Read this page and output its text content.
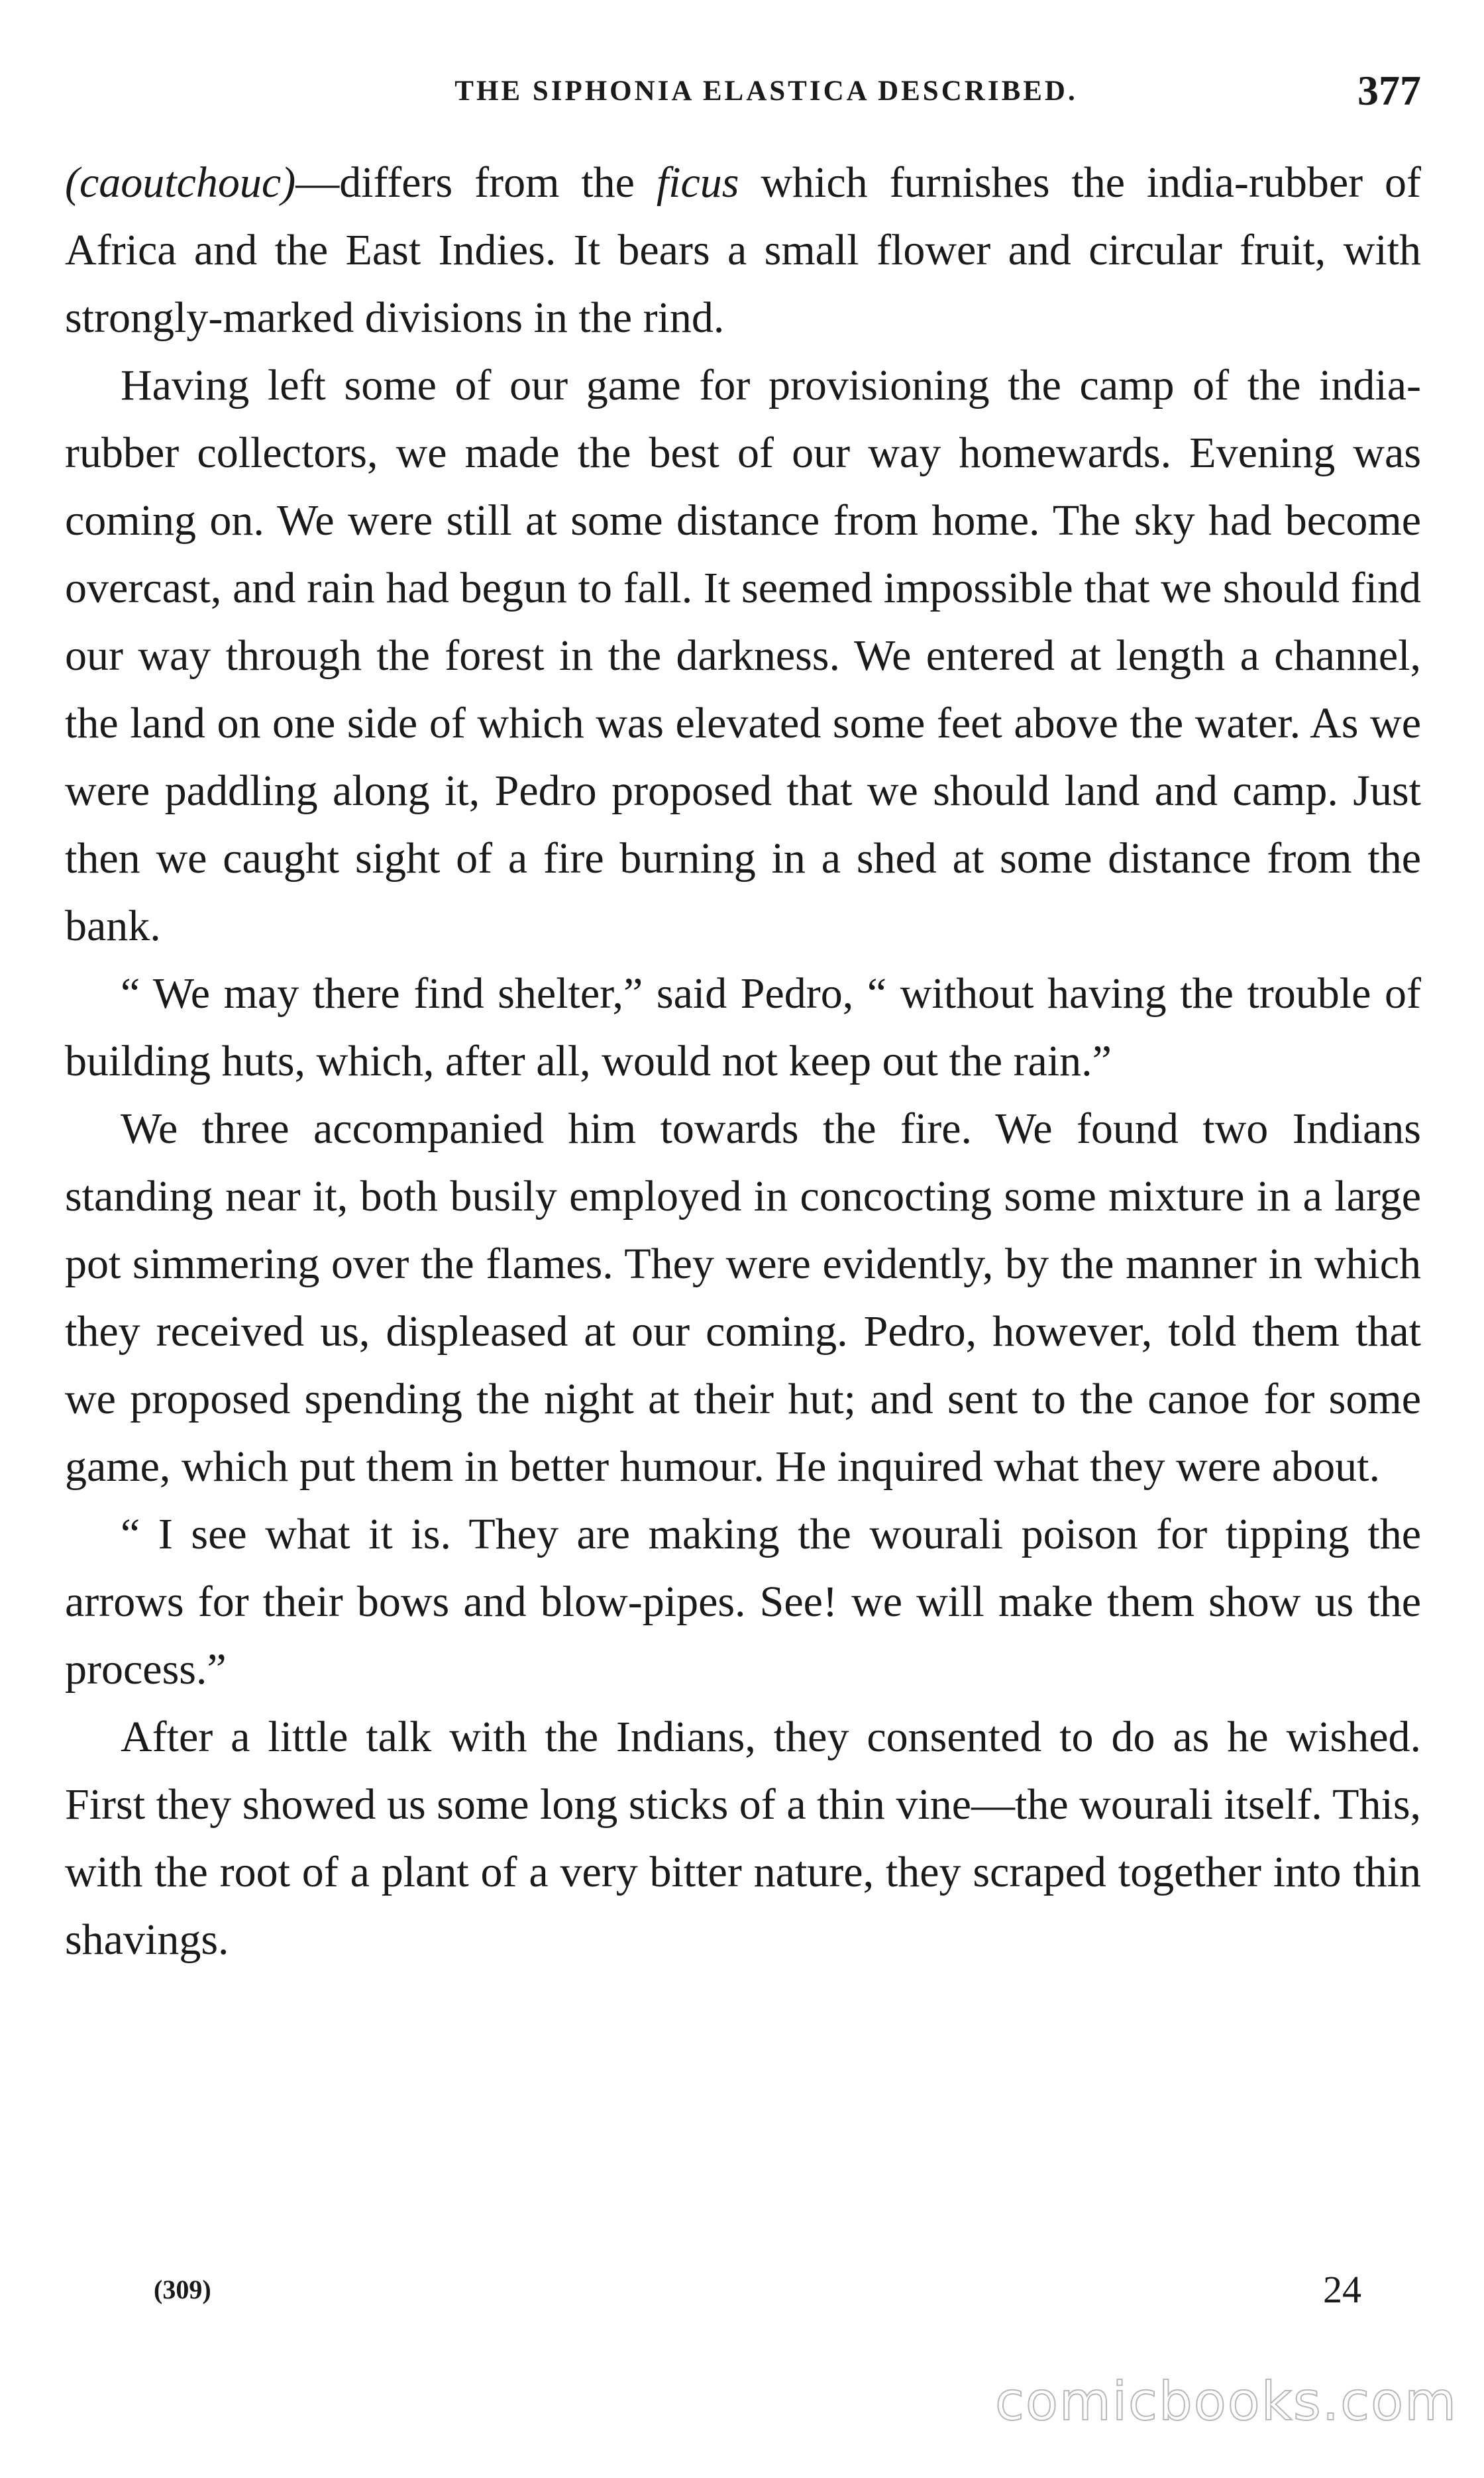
THE SIPHONIA ELASTICA DESCRIBED.	377

(caoutchouc)—differs from the ficus which furnishes the india-rubber of Africa and the East Indies. It bears a small flower and circular fruit, with strongly-marked divisions in the rind.

Having left some of our game for provisioning the camp of the india-rubber collectors, we made the best of our way homewards. Evening was coming on. We were still at some distance from home. The sky had become overcast, and rain had begun to fall. It seemed impossible that we should find our way through the forest in the darkness. We entered at length a channel, the land on one side of which was elevated some feet above the water. As we were paddling along it, Pedro proposed that we should land and camp. Just then we caught sight of a fire burning in a shed at some distance from the bank.

“ We may there find shelter,” said Pedro, “ without having the trouble of building huts, which, after all, would not keep out the rain.”

We three accompanied him towards the fire. We found two Indians standing near it, both busily employed in concocting some mixture in a large pot simmering over the flames. They were evidently, by the manner in which they received us, displeased at our coming. Pedro, however, told them that we proposed spending the night at their hut; and sent to the canoe for some game, which put them in better humour. He inquired what they were about.

“ I see what it is. They are making the wourali poison for tipping the arrows for their bows and blow-pipes. See! we will make them show us the process.”

After a little talk with the Indians, they consented to do as he wished. First they showed us some long sticks of a thin vine—the wourali itself. This, with the root of a plant of a very bitter nature, they scraped together into thin shavings.

(309)	24
comicbooks.com
